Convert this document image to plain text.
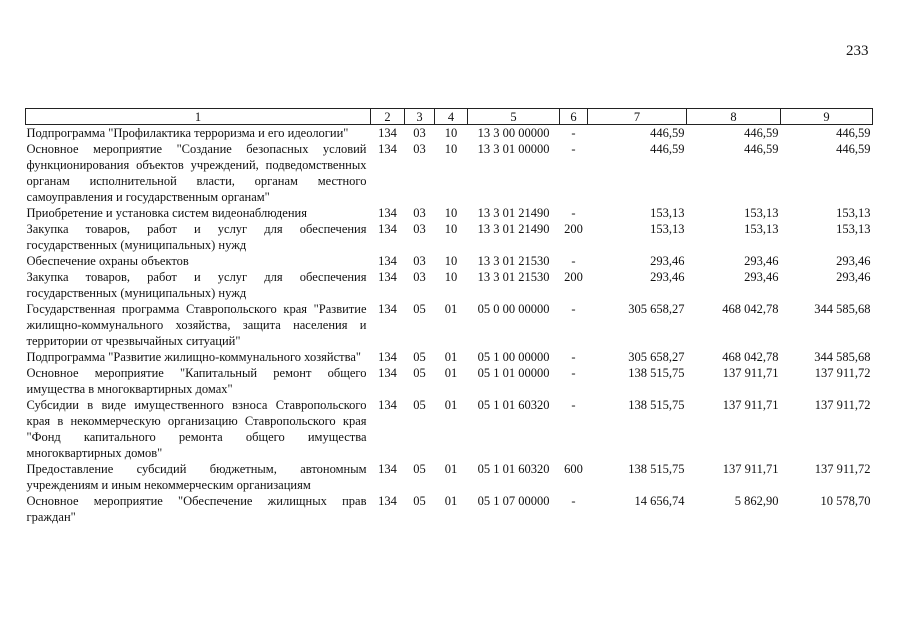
233
1	2	3	4	5	6	7	8	9
Подпрограмма "Профилактика терроризма и его идеологии"	134	03	10	13 3 00 00000	-	446,59	446,59	446,59
Основное мероприятие "Создание безопасных условий функционирования объектов учреждений, подведомственных органам исполнительной власти, органам местного самоуправления и государственным органам"	134	03	10	13 3 01 00000	-	446,59	446,59	446,59
Приобретение и установка систем видеонаблюдения	134	03	10	13 3 01 21490	-	153,13	153,13	153,13
Закупка товаров, работ и услуг для обеспечения государственных (муниципальных) нужд	134	03	10	13 3 01 21490	200	153,13	153,13	153,13
Обеспечение охраны объектов	134	03	10	13 3 01 21530	-	293,46	293,46	293,46
Закупка товаров, работ и услуг для обеспечения государственных (муниципальных) нужд	134	03	10	13 3 01 21530	200	293,46	293,46	293,46
Государственная программа Ставропольского края "Развитие жилищно-коммунального хозяйства, защита населения и территории от чрезвычайных ситуаций"	134	05	01	05 0 00 00000	-	305 658,27	468 042,78	344 585,68
Подпрограмма "Развитие жилищно-коммунального хозяйства"	134	05	01	05 1 00 00000	-	305 658,27	468 042,78	344 585,68
Основное мероприятие "Капитальный ремонт общего имущества в многоквартирных домах"	134	05	01	05 1 01 00000	-	138 515,75	137 911,71	137 911,72
Субсидии в виде имущественного взноса Ставропольского края в некоммерческую организацию Ставропольского края "Фонд капитального ремонта общего имущества многоквартирных домов"	134	05	01	05 1 01 60320	-	138 515,75	137 911,71	137 911,72
Предоставление субсидий бюджетным, автономным учреждениям и иным некоммерческим организациям	134	05	01	05 1 01 60320	600	138 515,75	137 911,71	137 911,72
Основное мероприятие "Обеспечение жилищных прав граждан"	134	05	01	05 1 07 00000	-	14 656,74	5 862,90	10 578,70
